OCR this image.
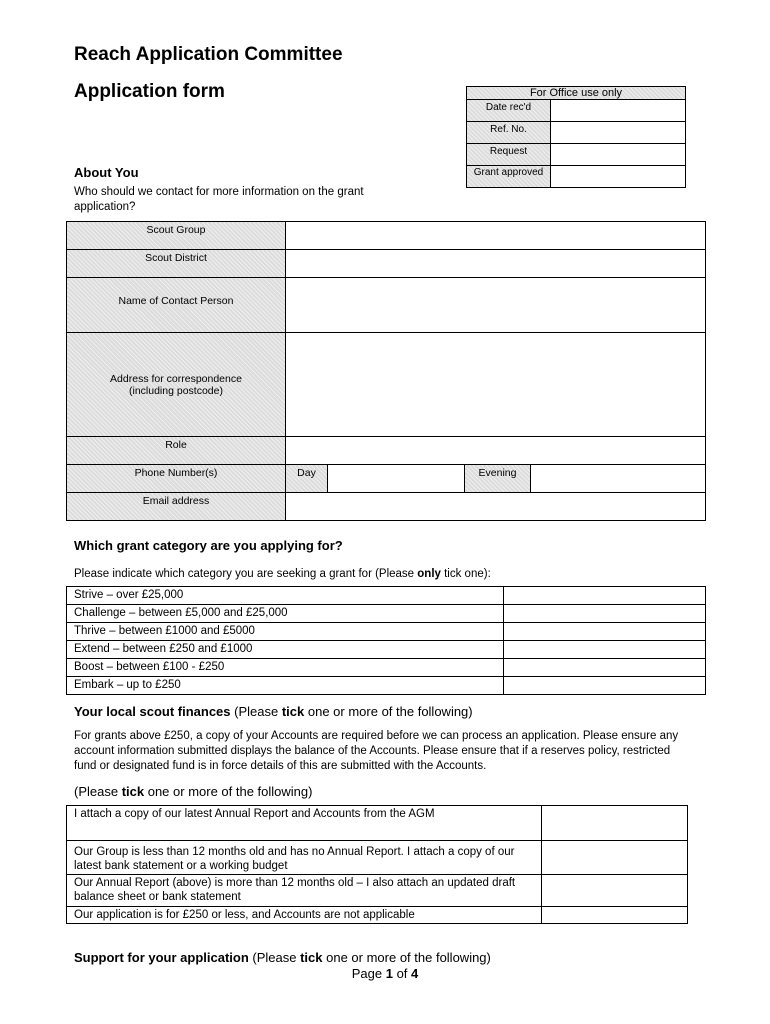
Reach Application Committee
Application form	For Office use only	

Date rec'd	

Ref. No.	

Request	

Grant approved	

About You
Who should we contact for more information on the grant application?
Scout Group				

Scout District				

Name of Contact Person				

Address for correspondence (including postcode)				

Role				

Phone Number(s)	Day		Evening	

Email address				

Which grant category are you applying for?
Please indicate which category you are seeking a grant for (Please only tick one):
Strive – over £25,000	
Challenge – between £5,000 and £25,000	
Thrive – between £1000 and £5000	
Extend – between £250 and £1000	
Boost – between £100 - £250	
Embark – up to £250	
Your local scout finances (Please tick one or more of the following)
For grants above £250, a copy of your Accounts are required before we can process an application. Please ensure any account information submitted displays the balance of the Accounts. Please ensure that if a reserves policy, restricted fund or designated fund is in force details of this are submitted with the Accounts.
(Please tick one or more of the following)
I attach a copy of our latest Annual Report and Accounts from the AGM	
Our Group is less than 12 months old and has no Annual Report. I attach a copy of our latest bank statement or a working budget	
Our Annual Report (above) is more than 12 months old – I also attach an updated draft balance sheet or bank statement	
Our application is for £250 or less, and Accounts are not applicable	
Support for your application (Please tick one or more of the following)
Page 1 of 4
